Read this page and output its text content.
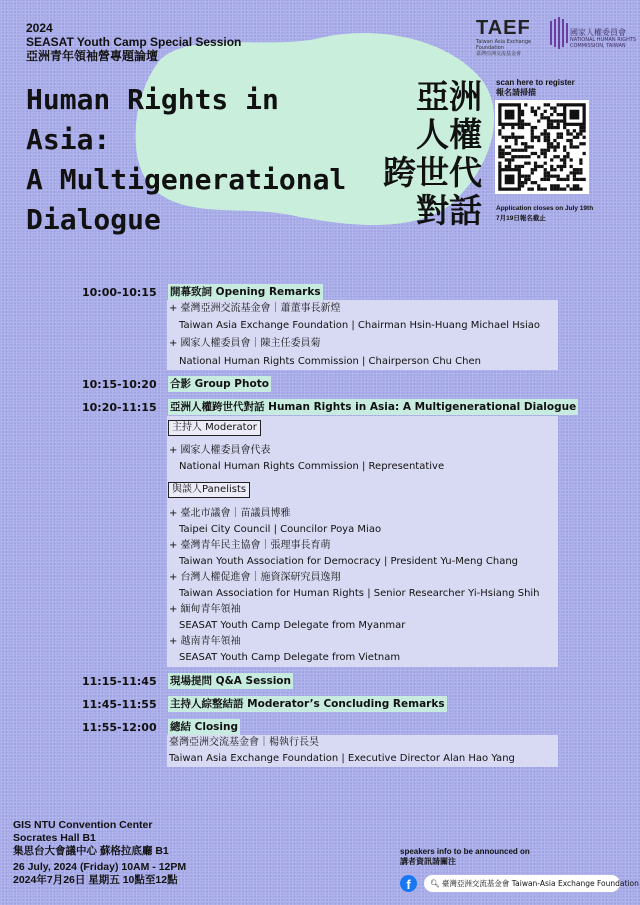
2024
SEASAT Youth Camp Special Session
亞洲青年領袖營專題論壇
Human Rights in
Asia:
A Multigenerational
Dialogue
亞洲
人權
跨世代
對話
TAEF
Taiwan Asia Exchange Foundation
臺灣亞洲交流基金會
國家人權委員會
NATIONAL HUMAN RIGHTS
COMMISSION, TAIWAN
scan here to register
報名請掃描
Application closes on July 19th
7月19日報名截止
10:00-10:15 開幕致詞 Opening Remarks
+ 臺灣亞洲交流基金會｜蕭董事長新煌
Taiwan Asia Exchange Foundation | Chairman Hsin-Huang Michael Hsiao
+ 國家人權委員會｜陳主任委員菊
National Human Rights Commission | Chairperson Chu Chen
10:15-10:20 合影 Group Photo
10:20-11:15 亞洲人權跨世代對話 Human Rights in Asia: A Multigenerational Dialogue
主持人 Moderator
+ 國家人權委員會代表
National Human Rights Commission | Representative
與談人Panelists
+ 臺北市議會｜苗議員博雅
Taipei City Council | Councilor Poya Miao
+ 臺灣青年民主協會｜張理事長育萌
Taiwan Youth Association for Democracy | President Yu-Meng Chang
+ 台灣人權促進會｜施資深研究員逸翔
Taiwan Association for Human Rights | Senior Researcher Yi-Hsiang Shih
+ 緬甸青年領袖
SEASAT Youth Camp Delegate from Myanmar
+ 越南青年領袖
SEASAT Youth Camp Delegate from Vietnam
11:15-11:45 現場提問 Q&A Session
11:45-11:55 主持人綜整結語 Moderator’s Concluding Remarks
11:55-12:00 總結 Closing
臺灣亞洲交流基金會｜楊執行長昊
Taiwan Asia Exchange Foundation | Executive Director Alan Hao Yang
GIS NTU Convention Center
Socrates Hall B1
集思台大會議中心 蘇格拉底廳 B1
26 July, 2024 (Friday) 10AM - 12PM
2024年7月26日 星期五 10點至12點
speakers info to be announced on
講者資訊請關注
f	🔍︎ 臺灣亞洲交流基金會 Taiwan-Asia Exchange Foundation
